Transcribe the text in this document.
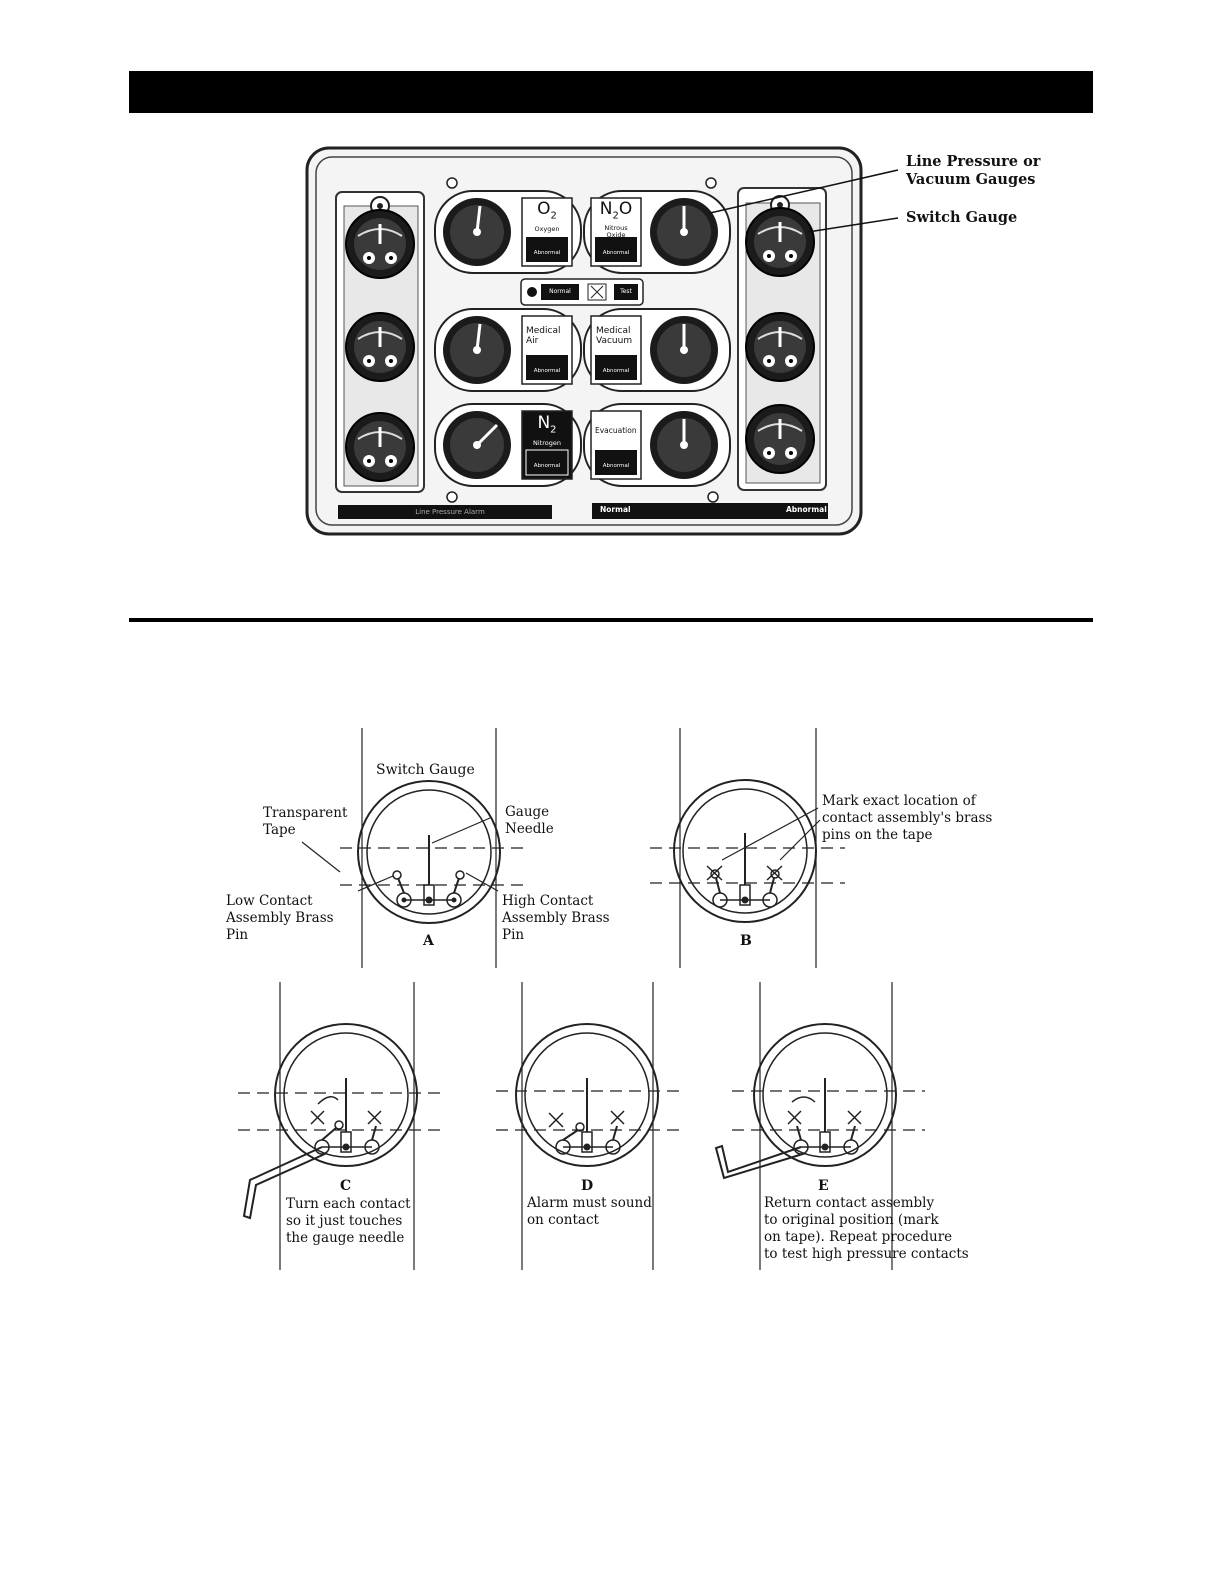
$O_2$
Oxygen
$N_2O$
Nitrous Oxide
Medical Air
Medical Vacuum
$N_2$
Nitrogen
Evacuation
Abnormal	Abnormal
Abnormal	Abnormal
Abnormal	Abnormal
Normal	Test
Line Pressure Alarm	Normal	Abnormal
Line Pressure or
Vacuum Gauges
Switch Gauge
Switch Gauge
Transparent
Tape
Gauge
Needle
Low Contact
Assembly Brass
Pin
High Contact
Assembly Brass
Pin
Mark exact location of
contact assembly's brass
pins on the tape
A	B
C	D	E
Turn each contact
so it just touches
the gauge needle
Alarm must sound
on contact
Return contact assembly
to original position (mark
on tape). Repeat procedure
to test high pressure contacts
